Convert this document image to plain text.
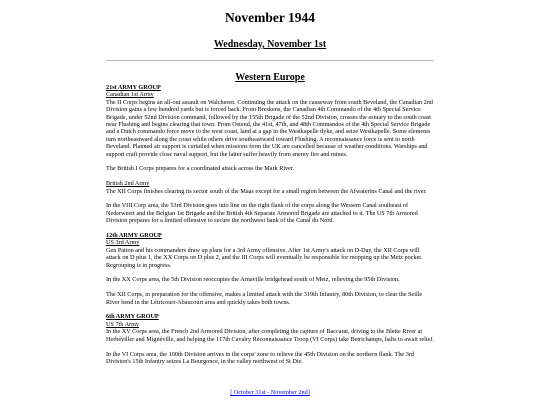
November 1944
Wednesday, November 1st
Western Europe

21st ARMY GROUP

Canadian 1st Army

The II Corps begins an all-out assault on Walcheren. Continuing the attack on the causeway from south Beveland, the Canadian 2nd Division gains a few hundred yards but is forced back. From Breskens, the Canadian 4th Commando of the 4th Special Service Brigade, under 52nd Division command, followed by the 155th Brigade of the 52nd Division, crosses the estuary to the south coast near Flushing and begins clearing that town. From Ostend, the 41st, 47th, and 48th Commandos of the 4th Special Service Brigade and a Dutch commando force move to the west coast, land at a gap in the Westkapelle dyke, and seize Westkapelle. Some elements turn northeastward along the coast while others drive southeastward toward Flushing. A reconnaissance force is sent to north Beveland. Planned air support is curtailed when missions from the UK are cancelled because of weather conditions. Warships and support craft provide close naval support, but the latter suffer heavily from enemy fire and mines.

The British I Corps prepares for a coordinated attack across the Mark River.

British 2nd Army

The XII Corps finishes clearing its sector south of the Maas except for a small region between the Afwaterins Canal and the river.

In the VIII Corp area, the 53rd Division goes into line on the right flank of the corps along the Wessem Canal southeast of Nederweert and the Belgian 1st Brigade and the British 4th Separate Armored Brigade are attached to it. The US 7th Armored Division prepares for a limited offensive to secure the northwest bank of the Canal du Nord.

12th ARMY GROUP

US 3rd Army

Gen Patton and his commanders draw up plans for a 3rd Army offensive. After 1st Army's attack on D-Day, the XII Corps will attack on D plus 1, the XX Corps on D plus 2, and the III Corps will eventually be responsible for mopping up the Metz pocket. Regrouping is in progress.

In the XX Corps area, the 5th Division reoccupies the Arnaville bridgehead south of Metz, relieving the 95th Division.

The XII Corps, in preparation for the offensive, makes a limited attack with the 319th Infantry, 80th Division, to clear the Seille River bend in the Létricourt-Abaucourt area and quickly takes both towns.

6th ARMY GROUP

US 7th Army

In the XV Corps area, the French 2nd Armored Division, after completing the capture of Baccarat, driving to the Blette River at Herbéviller and Mignéville, and helping the 117th Cavalry Reconnaissance Troop (VI Corps) take Betrichamps, halts to await relief.

In the VI Corps area, the 100th Division arrives in the corps' zone to relieve the 45th Division on the northern flank. The 3rd Division's 15th Infantry seizes La Bourgonce, in the valley northwest of St Dié.

[ October 31st - November 2nd]
